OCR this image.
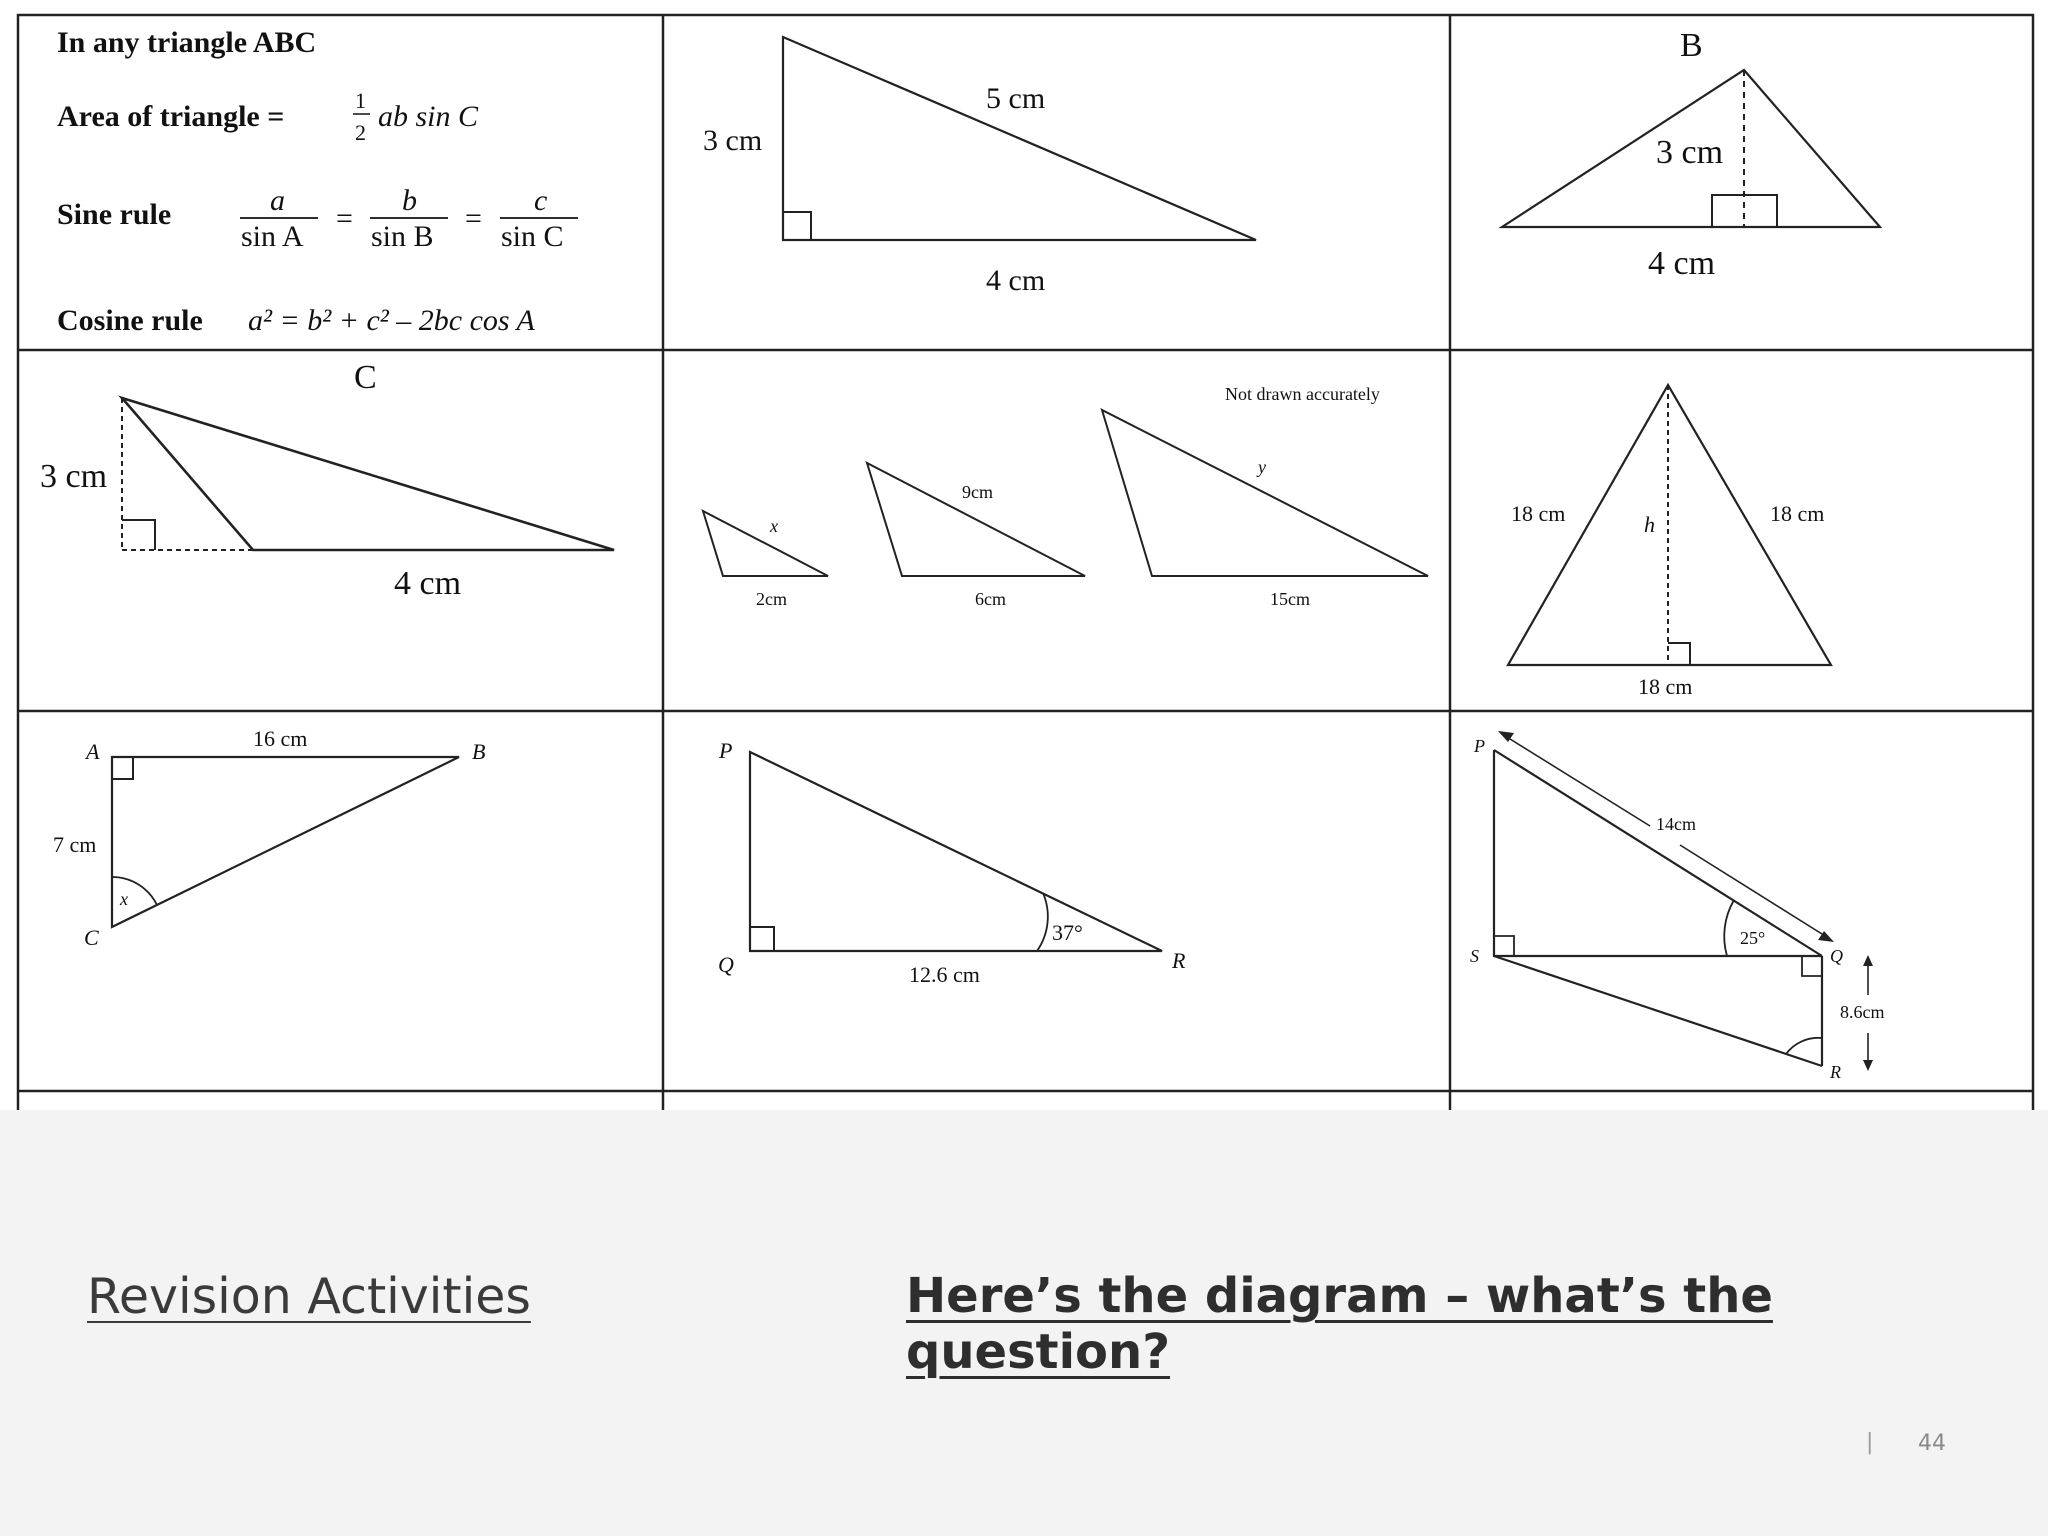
In any triangle ABC
Area of triangle =	1
2 ab sin C
Sine rule	a
sin A
=
b
sin B
=
c
sin C
Cosine rule a² = b² + c² – 2bc cos A
3 cm
5 cm
4 cm
B
3 cm
4 cm
C
3 cm
4 cm
Not drawn accurately
x
2cm
9cm
6cm
y
15cm
18 cm	18 cm
h
18 cm
A	B
C
16 cm
7 cm
x
P
Q	R
12.6 cm
37°
P
S	Q
R
14cm
25°
8.6cm
Revision Activities	Here’s the diagram – what’s the question?
| 44
